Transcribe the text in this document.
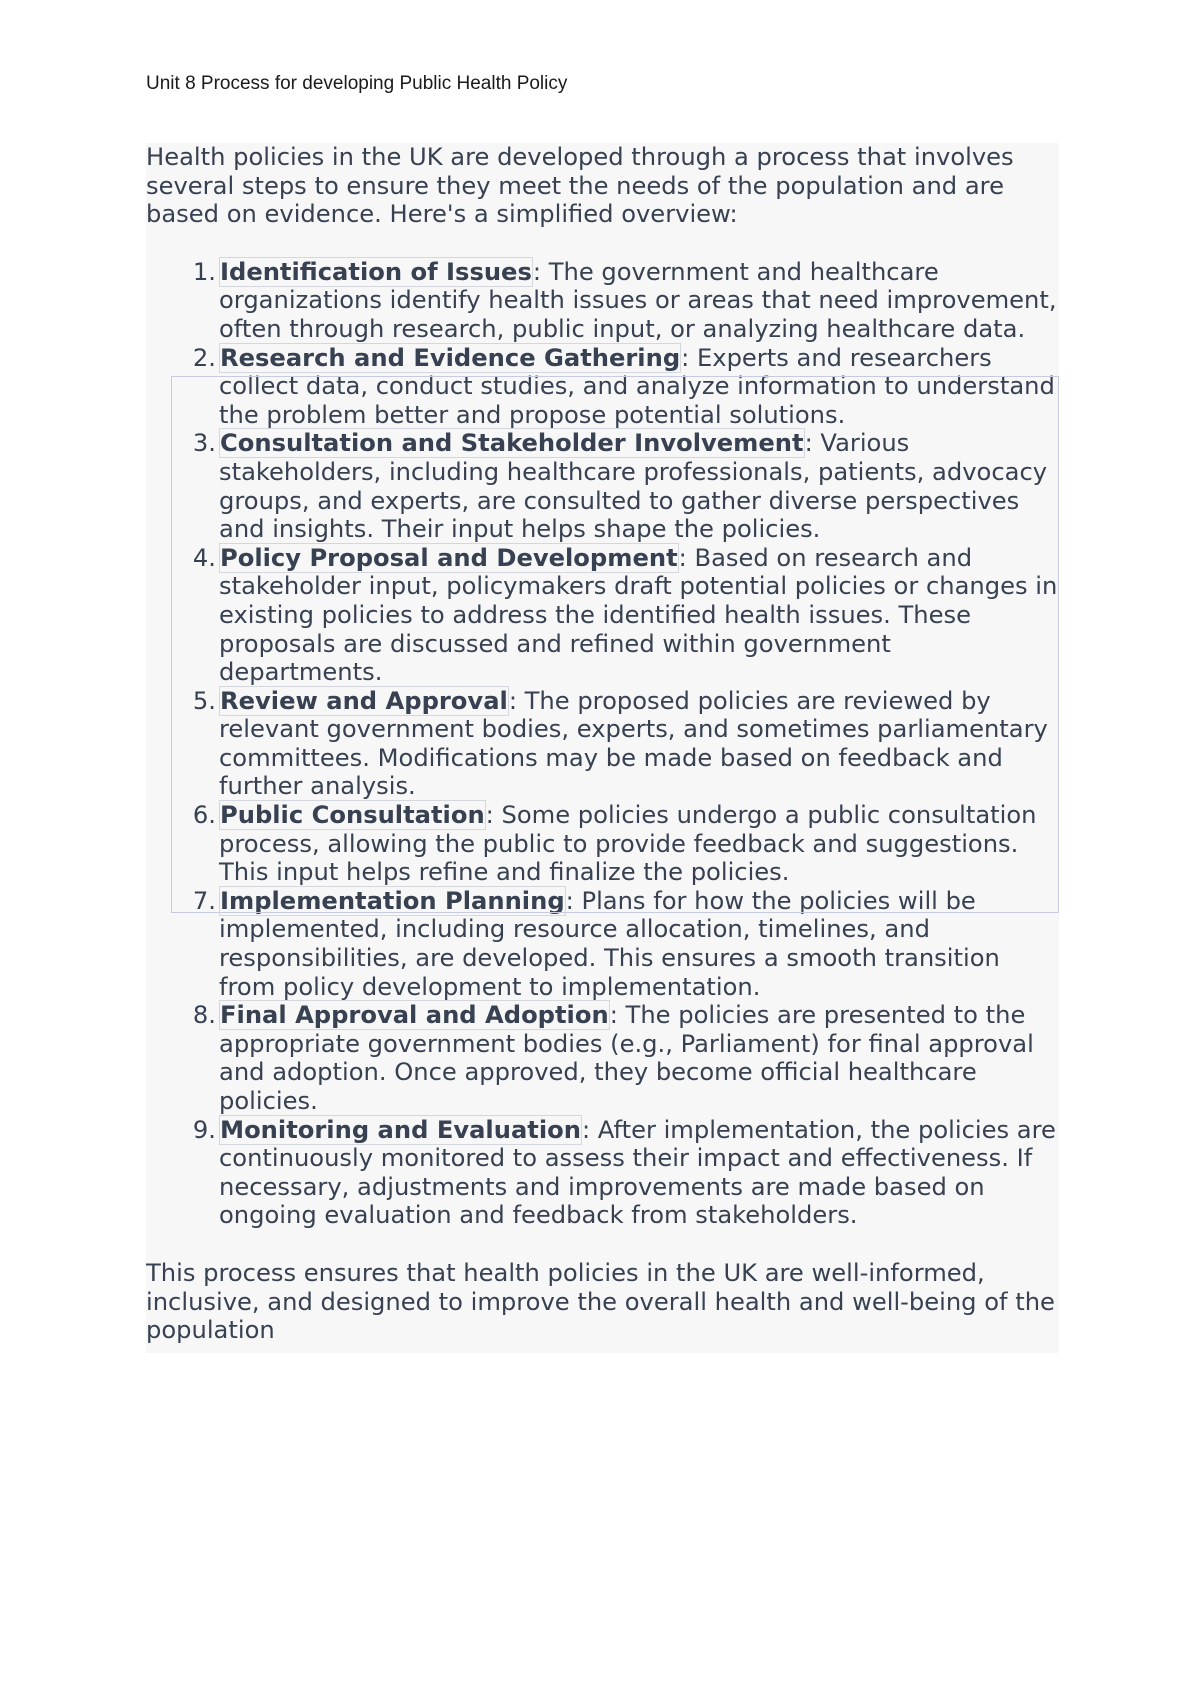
Unit 8 Process for developing Public Health Policy

Health policies in the UK are developed through a process that involves several steps to ensure they meet the needs of the population and are based on evidence. Here's a simplified overview:

1. Identification of Issues: The government and healthcare organizations identify health issues or areas that need improvement, often through research, public input, or analyzing healthcare data.
2. Research and Evidence Gathering: Experts and researchers collect data, conduct studies, and analyze information to understand the problem better and propose potential solutions.
3. Consultation and Stakeholder Involvement: Various stakeholders, including healthcare professionals, patients, advocacy groups, and experts, are consulted to gather diverse perspectives and insights. Their input helps shape the policies.
4. Policy Proposal and Development: Based on research and stakeholder input, policymakers draft potential policies or changes in existing policies to address the identified health issues. These proposals are discussed and refined within government departments.
5. Review and Approval: The proposed policies are reviewed by relevant government bodies, experts, and sometimes parliamentary committees. Modifications may be made based on feedback and further analysis.
6. Public Consultation: Some policies undergo a public consultation process, allowing the public to provide feedback and suggestions. This input helps refine and finalize the policies.
7. Implementation Planning: Plans for how the policies will be implemented, including resource allocation, timelines, and responsibilities, are developed. This ensures a smooth transition from policy development to implementation.
8. Final Approval and Adoption: The policies are presented to the appropriate government bodies (e.g., Parliament) for final approval and adoption. Once approved, they become official healthcare policies.
9. Monitoring and Evaluation: After implementation, the policies are continuously monitored to assess their impact and effectiveness. If necessary, adjustments and improvements are made based on ongoing evaluation and feedback from stakeholders.

This process ensures that health policies in the UK are well-informed, inclusive, and designed to improve the overall health and well-being of the population
